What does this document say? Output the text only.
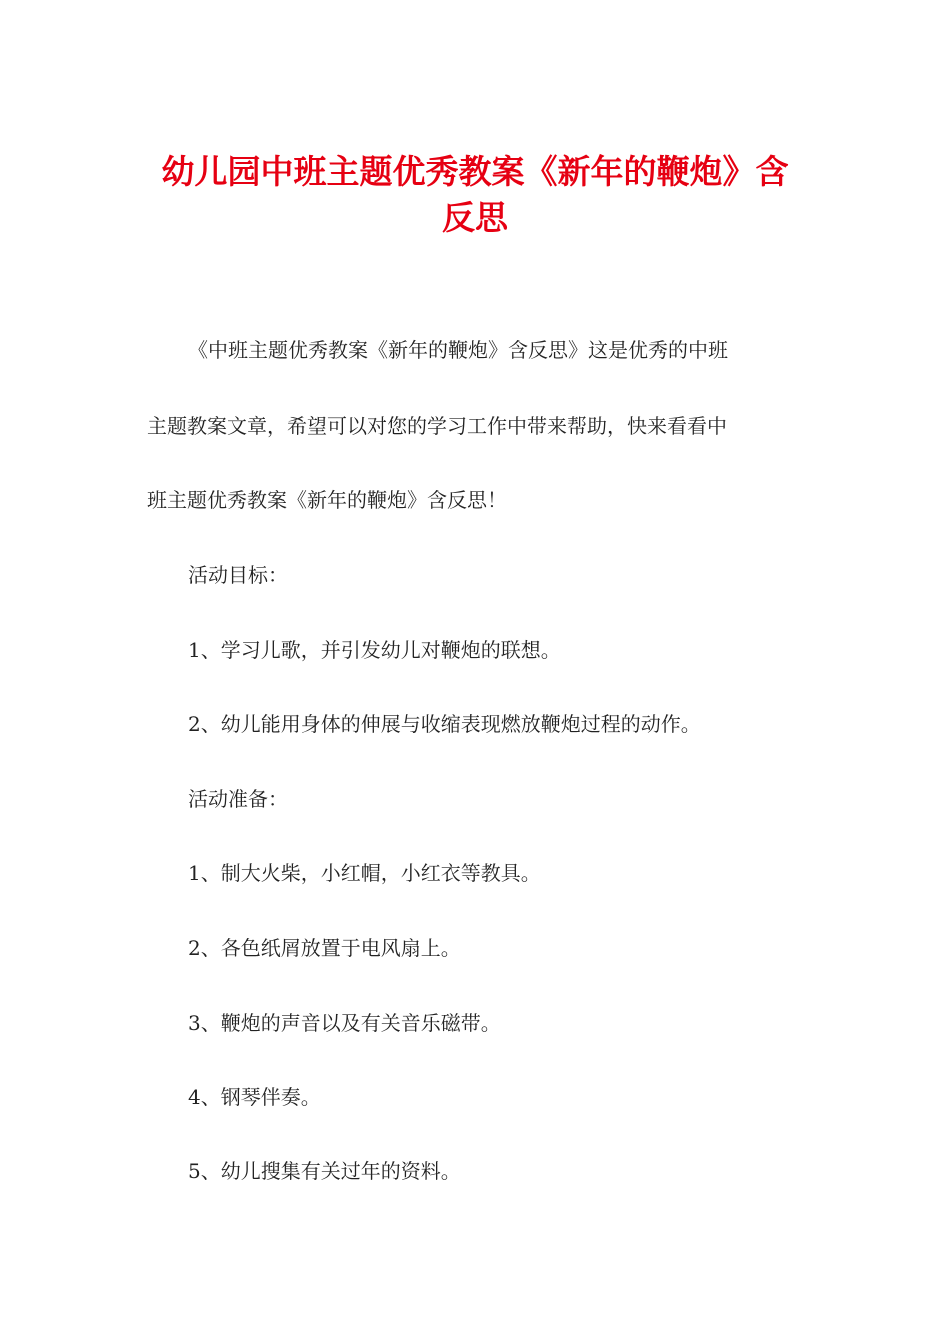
幼儿园中班主题优秀教案《新年的鞭炮》含
反思

《中班主题优秀教案《新年的鞭炮》含反思》这是优秀的中班

主题教案文章，希望可以对您的学习工作中带来帮助，快来看看中

班主题优秀教案《新年的鞭炮》含反思！

活动目标：

1、学习儿歌，并引发幼儿对鞭炮的联想。

2、幼儿能用身体的伸展与收缩表现燃放鞭炮过程的动作。

活动准备：

1、制大火柴，小红帽，小红衣等教具。

2、各色纸屑放置于电风扇上。

3、鞭炮的声音以及有关音乐磁带。

4、钢琴伴奏。

5、幼儿搜集有关过年的资料。
